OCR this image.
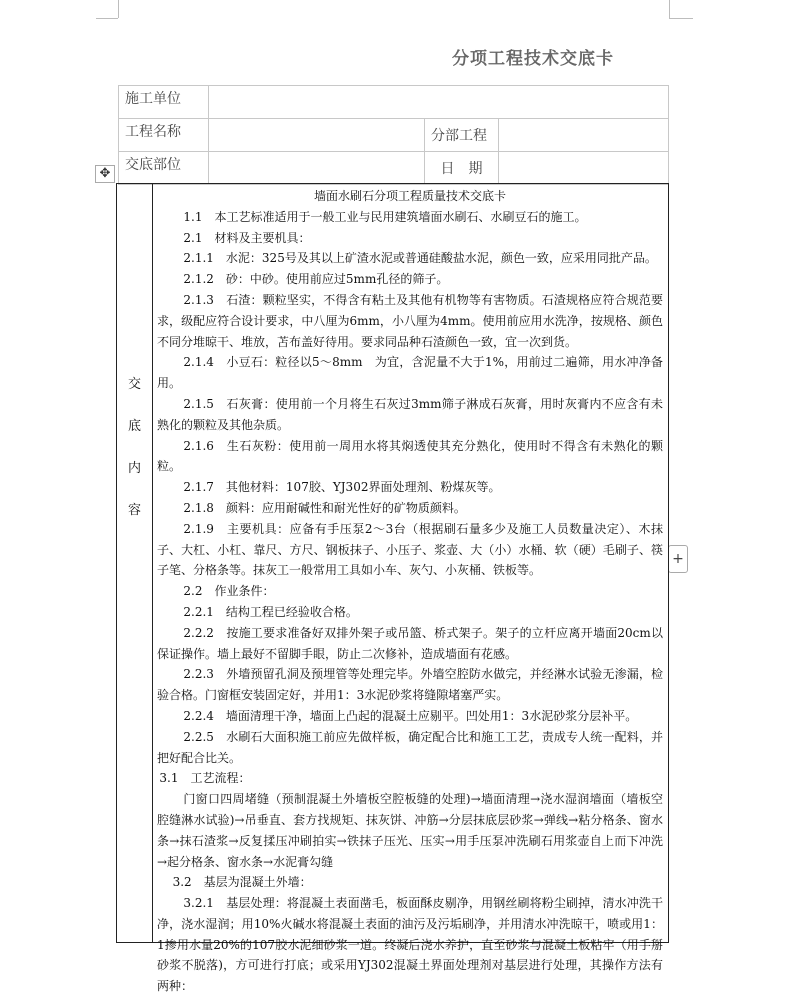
分项工程技术交底卡
施工单位			
工程名称		分部工程	
交底部位		日　期	
✥
+
交
底
内
容

墙面水刷石分项工程质量技术交底卡

1.1　本工艺标准适用于一般工业与民用建筑墙面水刷石、水刷豆石的施工。

2.1　材料及主要机具：

2.1.1　水泥：325号及其以上矿渣水泥或普通硅酸盐水泥，颜色一致，应采用同批产品。

2.1.2　砂：中砂。使用前应过5mm孔径的筛子。

2.1.3　石渣：颗粒坚实，不得含有粘土及其他有机物等有害物质。石渣规格应符合规范要求，级配应符合设计要求，中八厘为6mm，小八厘为4mm。使用前应用水洗净，按规格、颜色不同分堆晾干、堆放，苫布盖好待用。要求同品种石渣颜色一致，宜一次到货。

2.1.4　小豆石：粒径以5～8mm　为宜，含泥量不大于1%，用前过二遍筛，用水冲净备用。

2.1.5　石灰膏：使用前一个月将生石灰过3mm筛子淋成石灰膏，用时灰膏内不应含有未熟化的颗粒及其他杂质。

2.1.6　生石灰粉：使用前一周用水将其焖透使其充分熟化，使用时不得含有未熟化的颗粒。

2.1.7　其他材料：107胶、YJ302界面处理剂、粉煤灰等。

2.1.8　颜料：应用耐碱性和耐光性好的矿物质颜料。

2.1.9　主要机具：应备有手压泵2～3台（根据刷石量多少及施工人员数量决定）、木抹子、大杠、小杠、靠尺、方尺、钢板抹子、小压子、浆壶、大（小）水桶、软（硬）毛刷子、筷子笔、分格条等。抹灰工一般常用工具如小车、灰勺、小灰桶、铁板等。

2.2　作业条件：

2.2.1　结构工程已经验收合格。

2.2.2　按施工要求准备好双排外架子或吊篮、桥式架子。架子的立杆应离开墙面20cm以保证操作。墙上最好不留脚手眼，防止二次修补，造成墙面有花感。

2.2.3　外墙预留孔洞及预埋管等处理完毕。外墙空腔防水做完，并经淋水试验无渗漏，检验合格。门窗框安装固定好，并用1：3水泥砂浆将缝隙堵塞严实。

2.2.4　墙面清理干净，墙面上凸起的混凝土应剔平。凹处用1：3水泥砂浆分层补平。

2.2.5　水刷石大面积施工前应先做样板，确定配合比和施工工艺，责成专人统一配料，并把好配合比关。

3.1　工艺流程：

门窗口四周堵缝（预制混凝土外墙板空腔板缝的处理)→墙面清理→浇水湿润墙面（墙板空腔缝淋水试验)→吊垂直、套方找规矩、抹灰饼、冲筋→分层抹底层砂浆→弹线→粘分格条、窗水条→抹石渣浆→反复揉压冲刷拍实→铁抹子压光、压实→用手压泵冲洗刷石用浆壶自上而下冲洗→起分格条、窗水条→水泥膏勾缝

3.2　基层为混凝土外墙：

3.2.1　基层处理：将混凝土表面凿毛，板面酥皮剔净，用钢丝刷将粉尘刷掉，清水冲洗干净，浇水湿润；用10%火碱水将混凝土表面的油污及污垢刷净，并用清水冲洗晾干，喷或用1：1掺用水量20%的107胶水泥细砂浆一道。终凝后浇水养护，直至砂浆与混凝土板粘牢（用手掰砂浆不脱落)，方可进行打底；或采用YJ302混凝土界面处理剂对基层进行处理，其操作方法有两种：
